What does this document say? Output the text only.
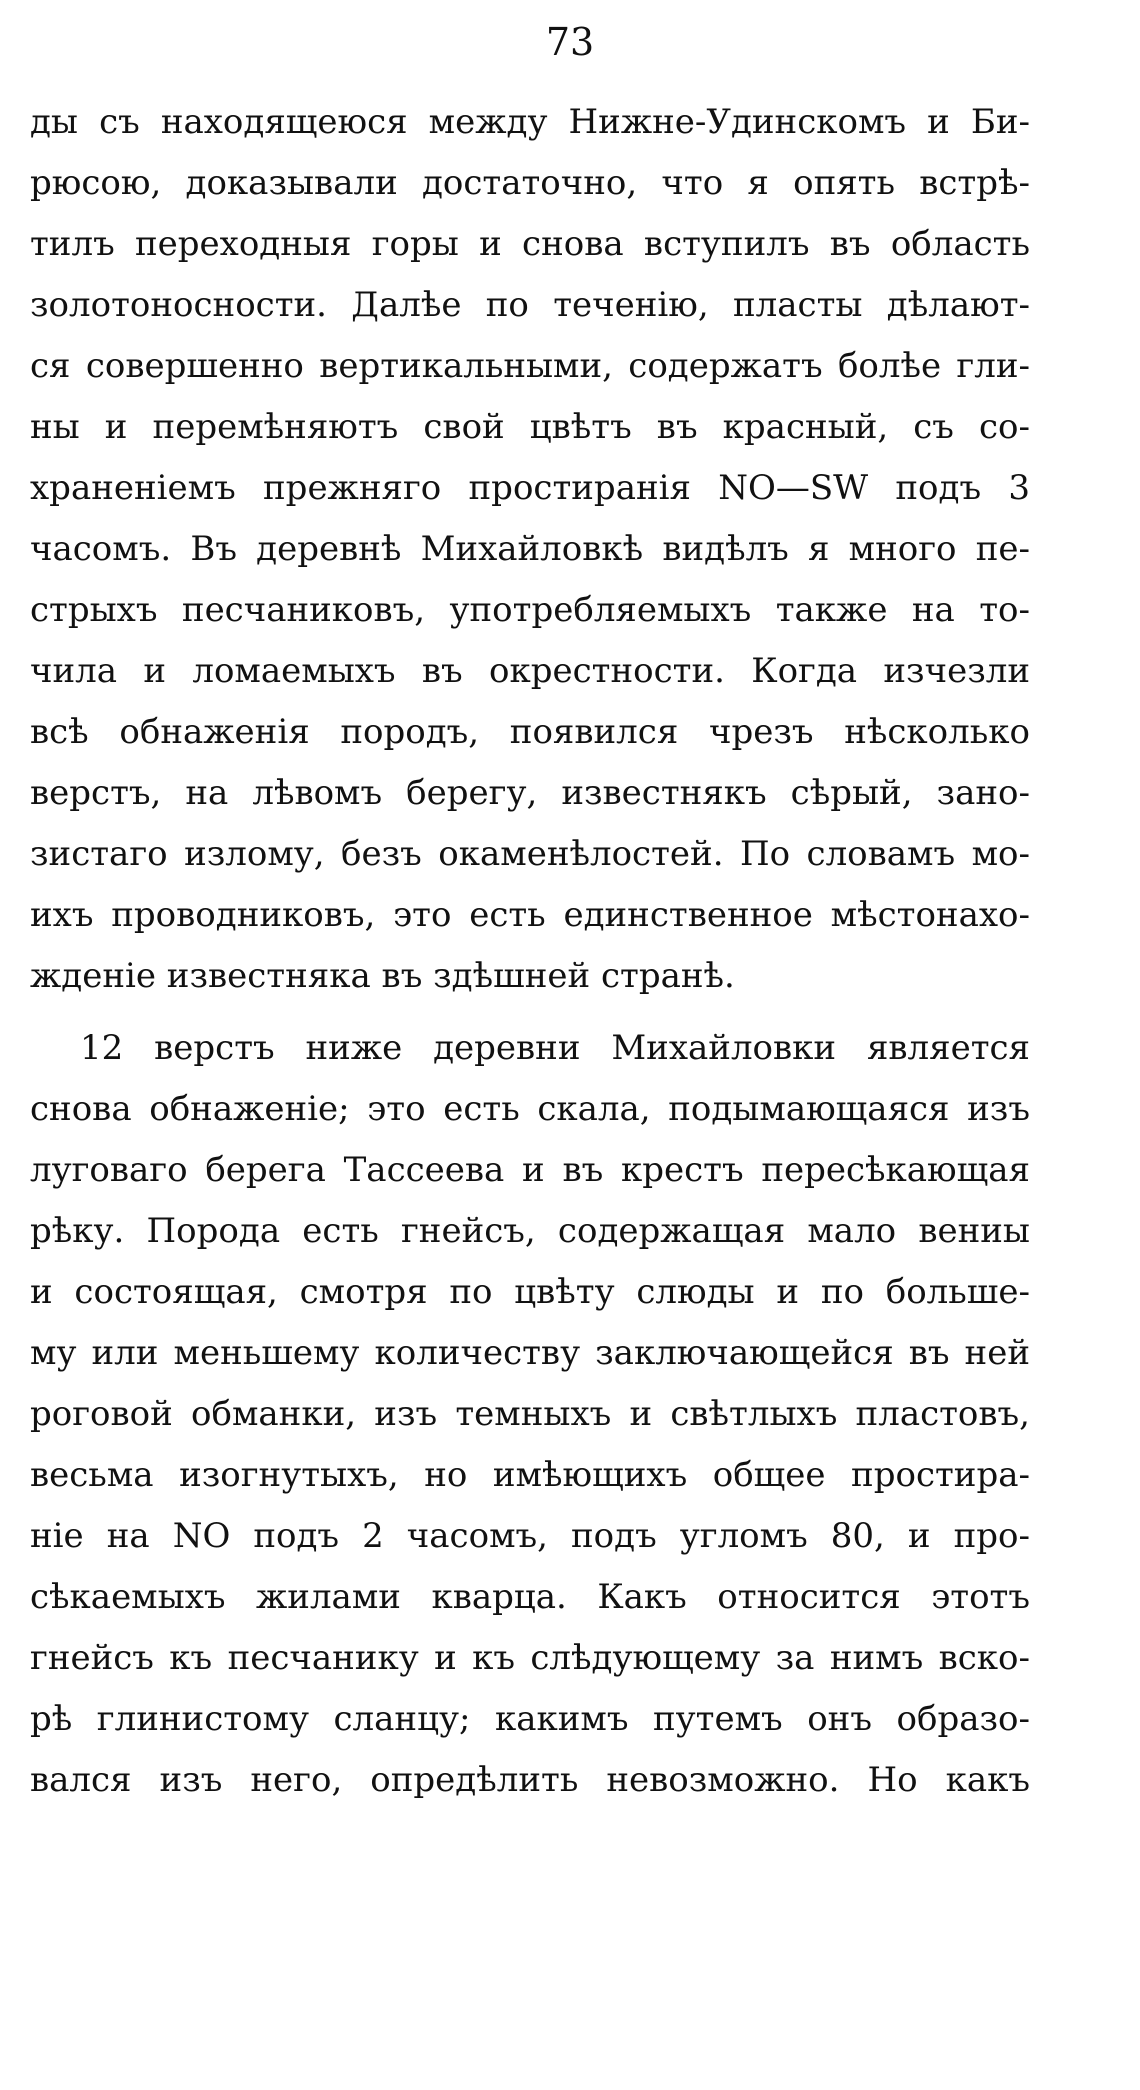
73
ды съ находящеюся между Нижне-Удинскомъ и Би-
рюсою, доказывали достаточно, что я опять встрѣ-
тилъ переходныя горы и снова вступилъ въ область
золотоносности. Далѣе по теченію, пласты дѣлают-
ся совершенно вертикальными, содержатъ болѣе гли-
ны и перемѣняютъ свой цвѣтъ въ красный, съ со-
храненіемъ прежняго простиранія NO—SW подъ 3
часомъ. Въ деревнѣ Михайловкѣ видѣлъ я много пе-
стрыхъ песчаниковъ, употребляемыхъ также на то-
чила и ломаемыхъ въ окрестности. Когда изчезли
всѣ обнаженія породъ, появился чрезъ нѣсколько
верстъ, на лѣвомъ берегу, известнякъ сѣрый, зано-
зистаго излому, безъ окаменѣлостей. По словамъ мо-
ихъ проводниковъ, это есть единственное мѣстонахо-
жденіе известняка въ здѣшней странѣ.
12 верстъ ниже деревни Михайловки является
снова обнаженіе; это есть скала, подымающаяся изъ
луговаго берега Тассеева и въ крестъ пересѣкающая
рѣку. Порода есть гнейсъ, содержащая мало вениы
и состоящая, смотря по цвѣту слюды и по больше-
му или меньшему количеству заключающейся въ ней
роговой обманки, изъ темныхъ и свѣтлыхъ пластовъ,
весьма изогнутыхъ, но имѣющихъ общее простира-
ніе на NO подъ 2 часомъ, подъ угломъ 80, и про-
сѣкаемыхъ жилами кварца. Какъ относится этотъ
гнейсъ къ песчанику и къ слѣдующему за нимъ вско-
рѣ глинистому сланцу; какимъ путемъ онъ образо-
вался изъ него, опредѣлить невозможно. Но какъ
